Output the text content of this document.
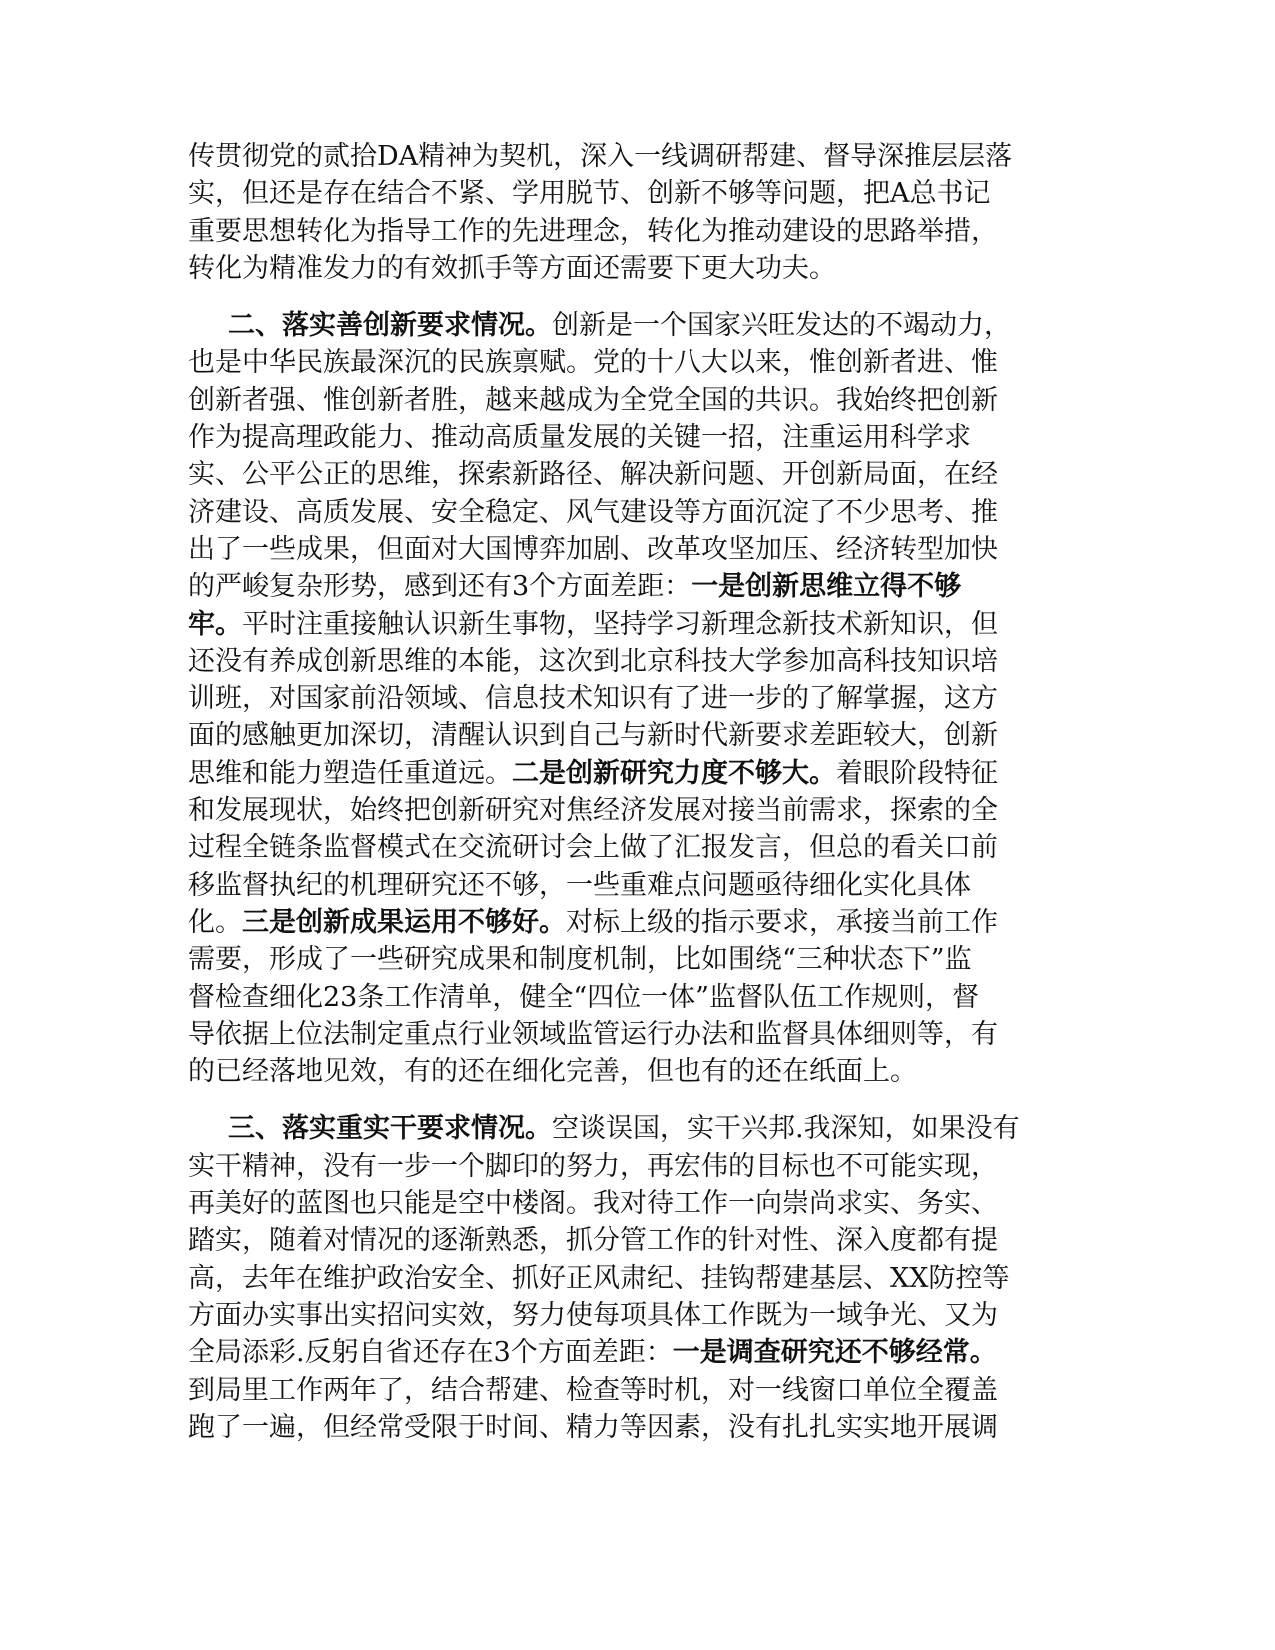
传贯彻党的贰拾DA精神为契机，深入一线调研帮建、督导深推层层落
实，但还是存在结合不紧、学用脱节、创新不够等问题，把A总书记
重要思想转化为指导工作的先进理念，转化为推动建设的思路举措，
转化为精准发力的有效抓手等方面还需要下更大功夫。
二、落实善创新要求情况。创新是一个国家兴旺发达的不竭动力，
也是中华民族最深沉的民族禀赋。党的十八大以来，惟创新者进、惟
创新者强、惟创新者胜，越来越成为全党全国的共识。我始终把创新
作为提高理政能力、推动高质量发展的关键一招，注重运用科学求
实、公平公正的思维，探索新路径、解决新问题、开创新局面，在经
济建设、高质发展、安全稳定、风气建设等方面沉淀了不少思考、推
出了一些成果，但面对大国博弈加剧、改革攻坚加压、经济转型加快
的严峻复杂形势，感到还有3个方面差距：一是创新思维立得不够
牢。平时注重接触认识新生事物，坚持学习新理念新技术新知识，但
还没有养成创新思维的本能，这次到北京科技大学参加高科技知识培
训班，对国家前沿领域、信息技术知识有了进一步的了解掌握，这方
面的感触更加深切，清醒认识到自己与新时代新要求差距较大，创新
思维和能力塑造任重道远。二是创新研究力度不够大。着眼阶段特征
和发展现状，始终把创新研究对焦经济发展对接当前需求，探索的全
过程全链条监督模式在交流研讨会上做了汇报发言，但总的看关口前
移监督执纪的机理研究还不够，一些重难点问题亟待细化实化具体
化。三是创新成果运用不够好。对标上级的指示要求，承接当前工作
需要，形成了一些研究成果和制度机制，比如围绕“三种状态下”监
督检查细化23条工作清单，健全“四位一体”监督队伍工作规则，督
导依据上位法制定重点行业领域监管运行办法和监督具体细则等，有
的已经落地见效，有的还在细化完善，但也有的还在纸面上。
三、落实重实干要求情况。空谈误国，实干兴邦.我深知，如果没有
实干精神，没有一步一个脚印的努力，再宏伟的目标也不可能实现，
再美好的蓝图也只能是空中楼阁。我对待工作一向崇尚求实、务实、
踏实，随着对情况的逐渐熟悉，抓分管工作的针对性、深入度都有提
高，去年在维护政治安全、抓好正风肃纪、挂钩帮建基层、XX防控等
方面办实事出实招问实效，努力使每项具体工作既为一域争光、又为
全局添彩.反躬自省还存在3个方面差距：一是调查研究还不够经常。
到局里工作两年了，结合帮建、检查等时机，对一线窗口单位全覆盖
跑了一遍，但经常受限于时间、精力等因素，没有扎扎实实地开展调
